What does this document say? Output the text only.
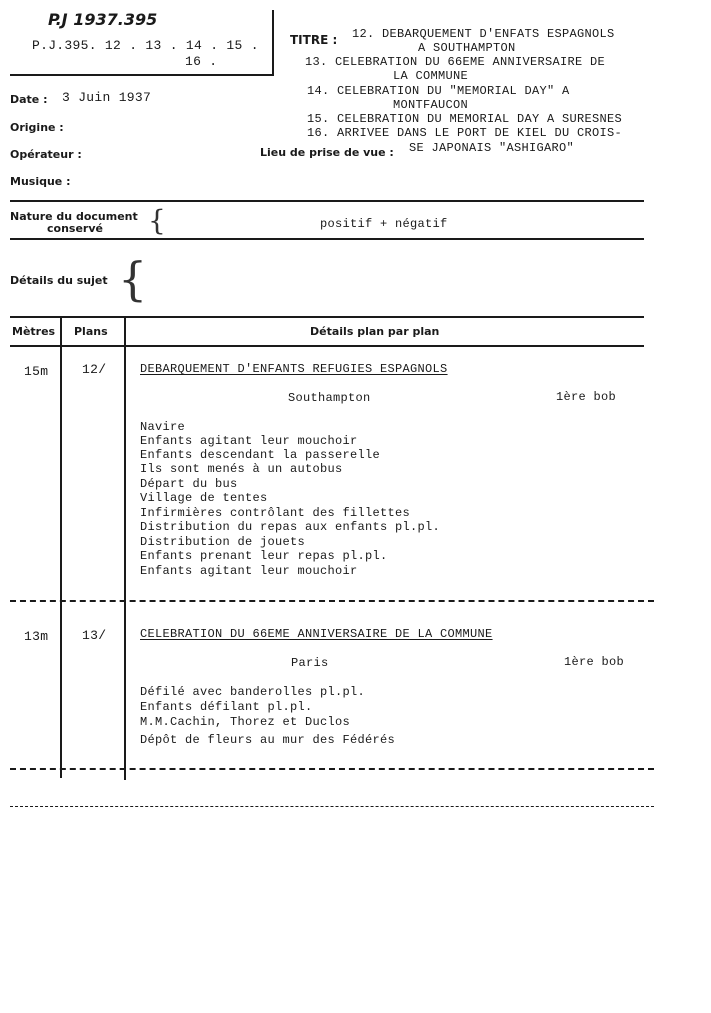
P.J 1937.395
P.J.395. 12 . 13 . 14 . 15 .
16 .
TITRE : 12. DEBARQUEMENT D'ENFATS ESPAGNOLS
A SOUTHAMPTON
13. CELEBRATION DU 66EME ANNIVERSAIRE DE
LA COMMUNE
14. CELEBRATION DU "MEMORIAL DAY" A
MONTFAUCON
15. CELEBRATION DU MEMORIAL DAY A SURESNES
16. ARRIVEE DANS LE PORT DE KIEL DU CROIS-
SE JAPONAIS "ASHIGARO"
Date : 3 Juin 1937
Origine :
Opérateur :	Lieu de prise de vue :
Musique :
Nature du document
conservé {	positif + négatif
Détails du sujet {
Mètres Plans	Détails plan par plan
15m	12/	DEBARQUEMENT D'ENFANTS REFUGIES ESPAGNOLS
Southampton	1ère bob
Navire
Enfants agitant leur mouchoir
Enfants descendant la passerelle
Ils sont menés à un autobus
Départ du bus
Village de tentes
Infirmières contrôlant des fillettes
Distribution du repas aux enfants pl.pl.
Distribution de jouets
Enfants prenant leur repas pl.pl.
Enfants agitant leur mouchoir
13m	13/	CELEBRATION DU 66EME ANNIVERSAIRE DE LA COMMUNE
Paris	1ère bob
Défilé avec banderolles pl.pl.
Enfants défilant pl.pl.
M.M.Cachin, Thorez et Duclos
Dépôt de fleurs au mur des Fédérés
